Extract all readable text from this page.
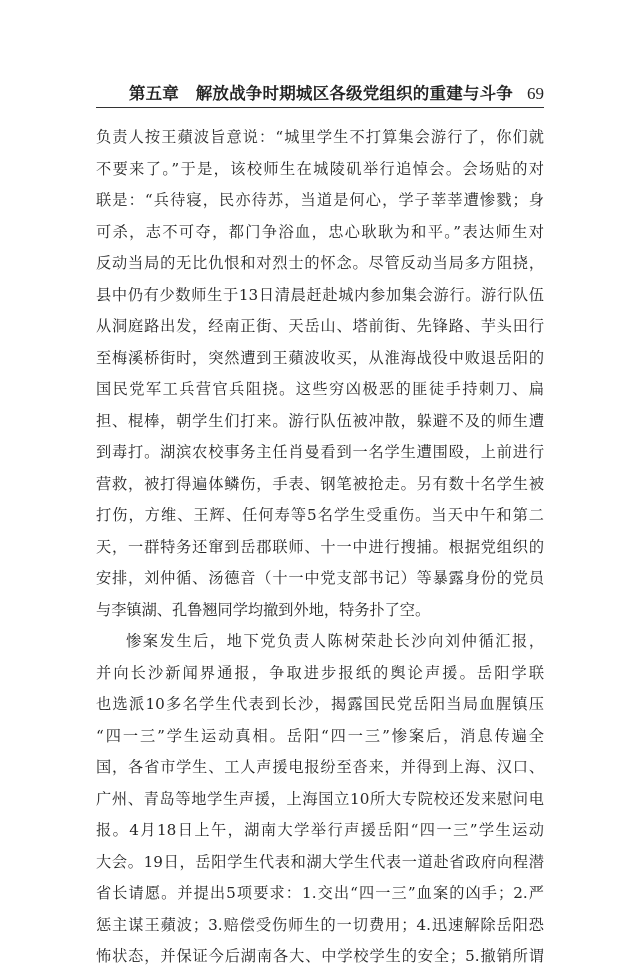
第五章　解放战争时期城区各级党组织的重建与斗争 69
负责人按王蘋波旨意说：“城里学生不打算集会游行了，你们就
不要来了。”于是，该校师生在城陵矶举行追悼会。会场贴的对
联是：“兵待寝，民亦待苏，当道是何心，学子莘莘遭惨戮；身
可杀，志不可夺，都门争浴血，忠心耿耿为和平。”表达师生对
反动当局的无比仇恨和对烈士的怀念。尽管反动当局多方阻挠，
县中仍有少数师生于13日清晨赶赴城内参加集会游行。游行队伍
从洞庭路出发，经南正街、天岳山、塔前街、先锋路、芋头田行
至梅溪桥街时，突然遭到王蘋波收买，从淮海战役中败退岳阳的
国民党军工兵营官兵阻挠。这些穷凶极恶的匪徒手持刺刀、扁
担、棍棒，朝学生们打来。游行队伍被冲散，躲避不及的师生遭
到毒打。湖滨农校事务主任肖曼看到一名学生遭围殴，上前进行
营救，被打得遍体鳞伤，手表、钢笔被抢走。另有数十名学生被
打伤，方维、王辉、任何寿等5名学生受重伤。当天中午和第二
天，一群特务还窜到岳郡联师、十一中进行搜捕。根据党组织的
安排，刘仲循、汤德音（十一中党支部书记）等暴露身份的党员
与李镇湖、孔鲁翘同学均撤到外地，特务扑了空。
惨案发生后，地下党负责人陈树荣赴长沙向刘仲循汇报，
并向长沙新闻界通报，争取进步报纸的舆论声援。岳阳学联
也选派10多名学生代表到长沙，揭露国民党岳阳当局血腥镇压
“四一三”学生运动真相。岳阳“四一三”惨案后，消息传遍全
国，各省市学生、工人声援电报纷至沓来，并得到上海、汉口、
广州、青岛等地学生声援，上海国立10所大专院校还发来慰问电
报。4月18日上午，湖南大学举行声援岳阳“四一三”学生运动
大会。19日，岳阳学生代表和湖大学生代表一道赴省政府向程潜
省长请愿。并提出5项要求：1.交出“四一三”血案的凶手；2.严
惩主谋王蘋波；3.赔偿受伤师生的一切费用；4.迅速解除岳阳恐
怖状态，并保证今后湖南各大、中学校学生的安全；5.撤销所谓
